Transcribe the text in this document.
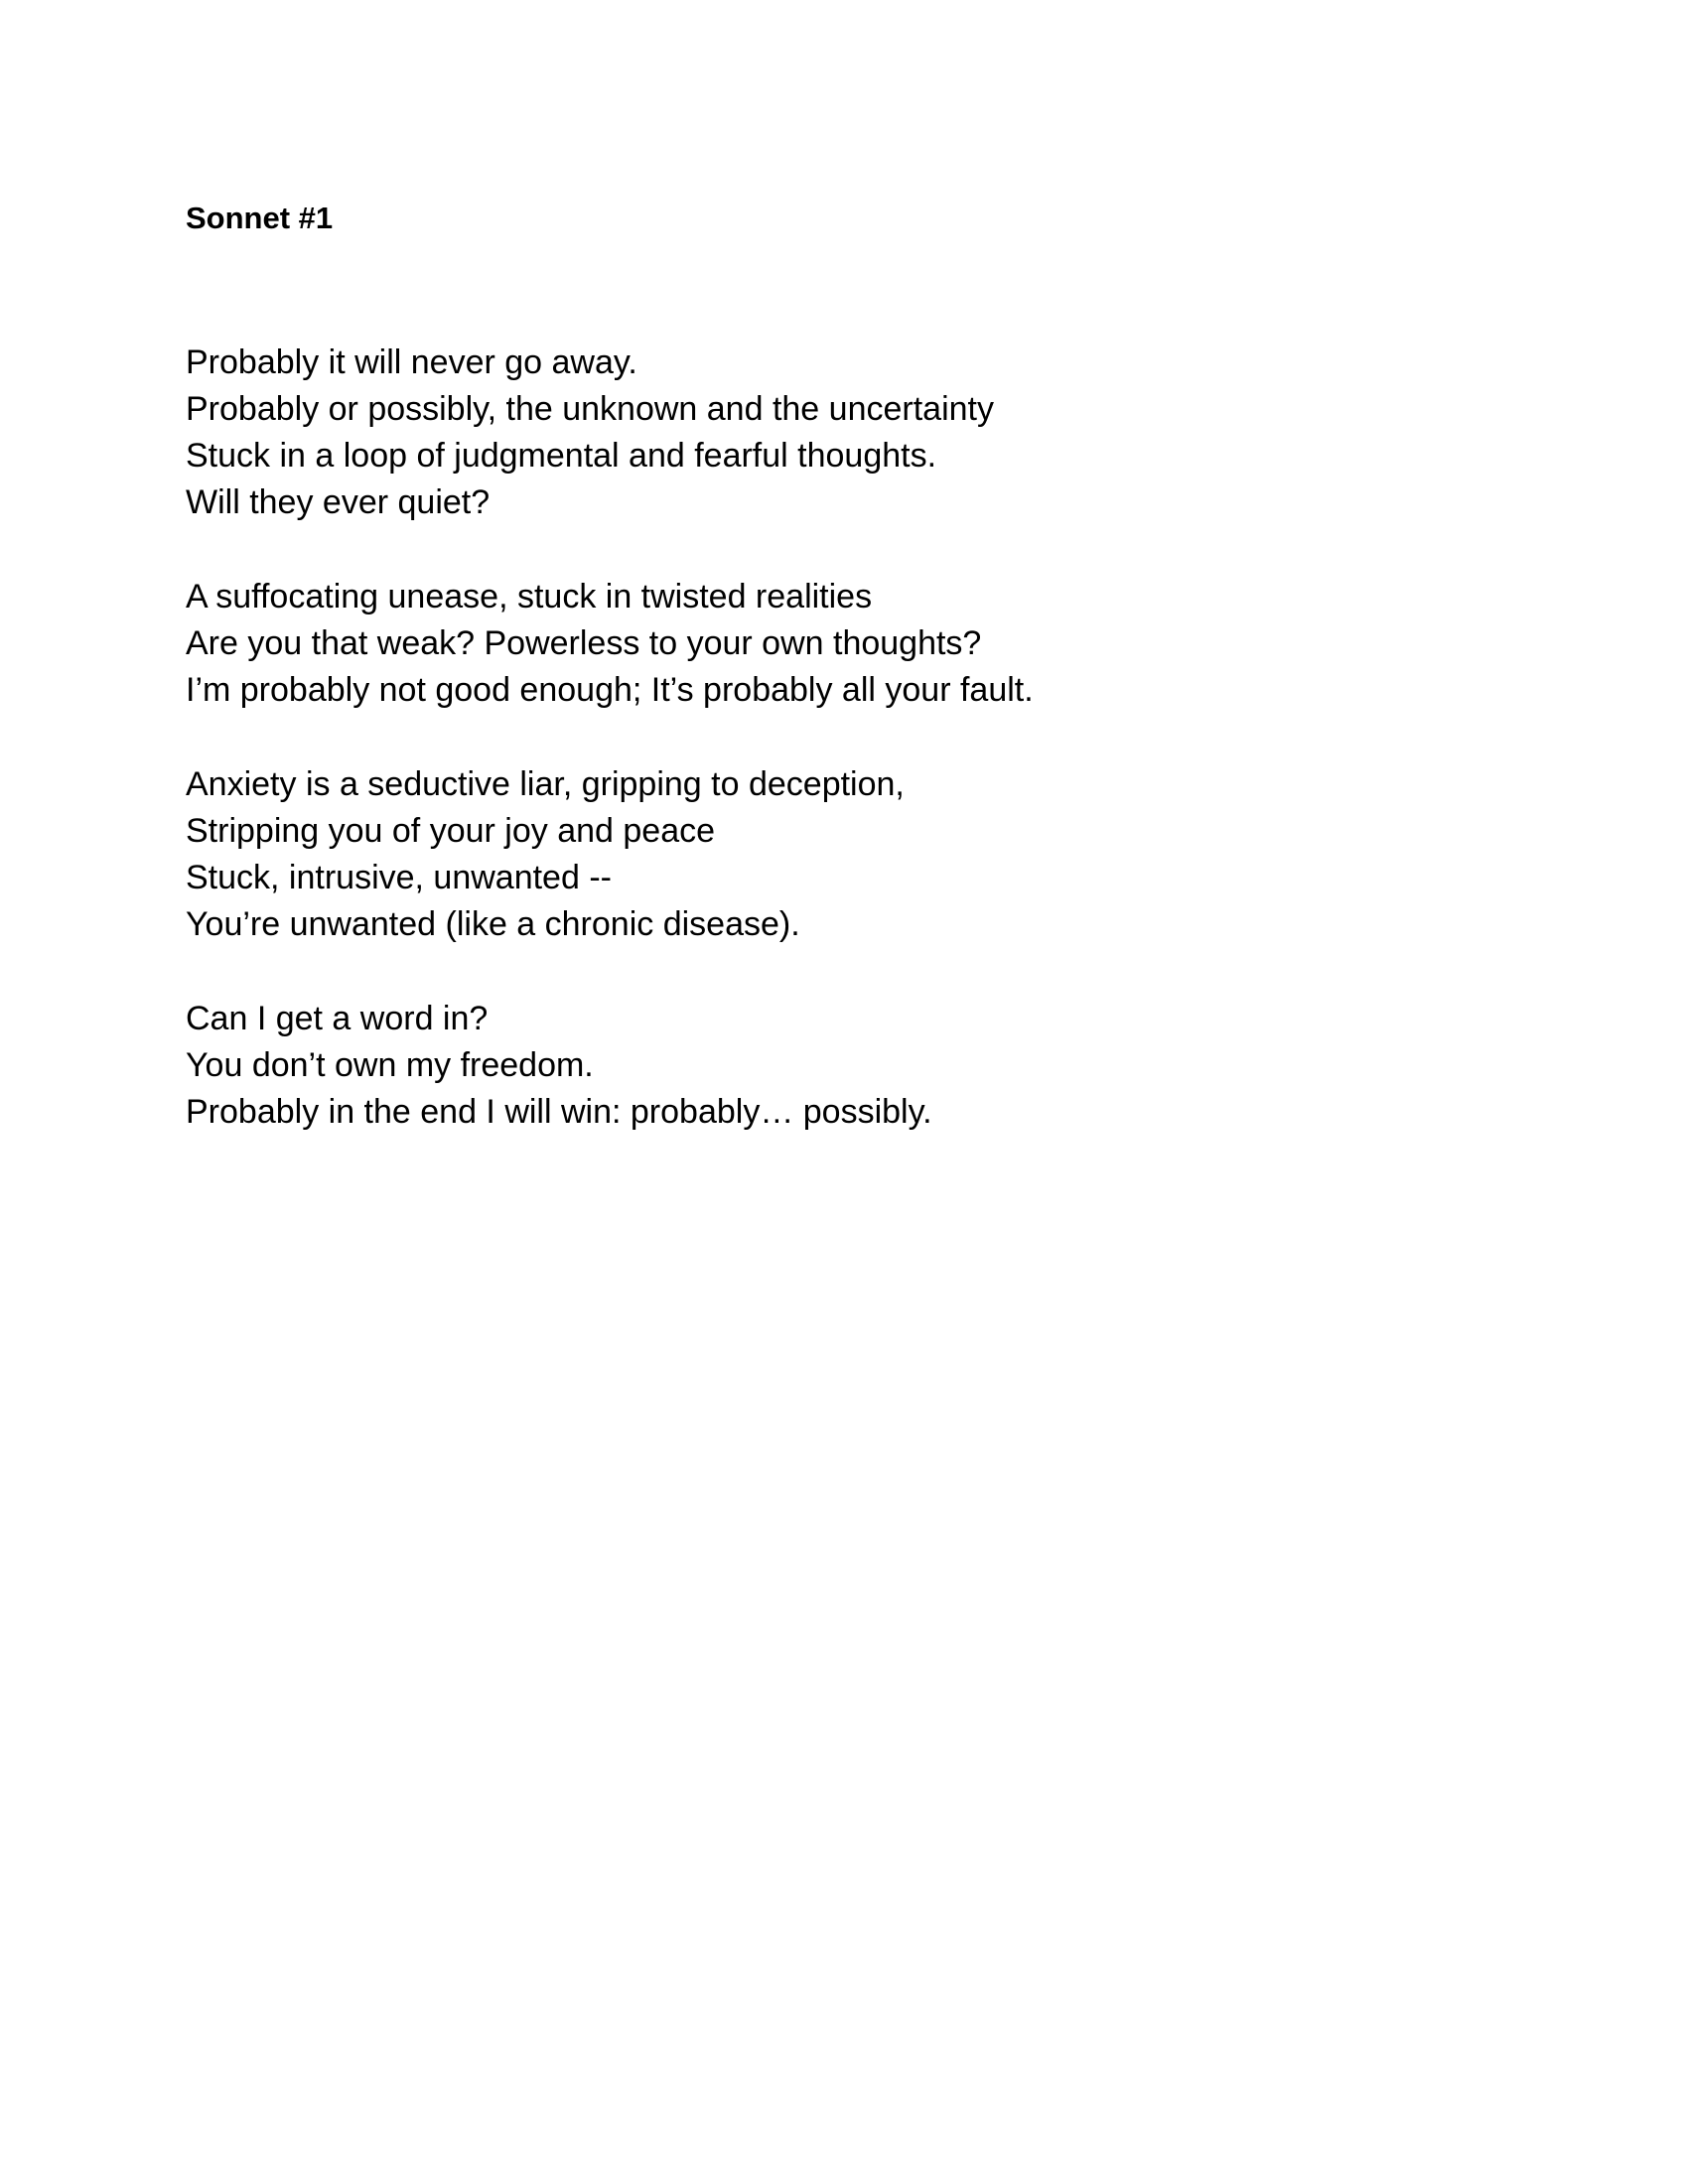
Sonnet #1
Probably it will never go away.
Probably or possibly, the unknown and the uncertainty
Stuck in a loop of judgmental and fearful thoughts.
Will they ever quiet?
A suffocating unease, stuck in twisted realities
Are you that weak? Powerless to your own thoughts?
I’m probably not good enough; It’s probably all your fault.
Anxiety is a seductive liar, gripping to deception,
Stripping you of your joy and peace
Stuck, intrusive, unwanted --
You’re unwanted (like a chronic disease).
Can I get a word in?
You don’t own my freedom.
Probably in the end I will win: probably… possibly.
